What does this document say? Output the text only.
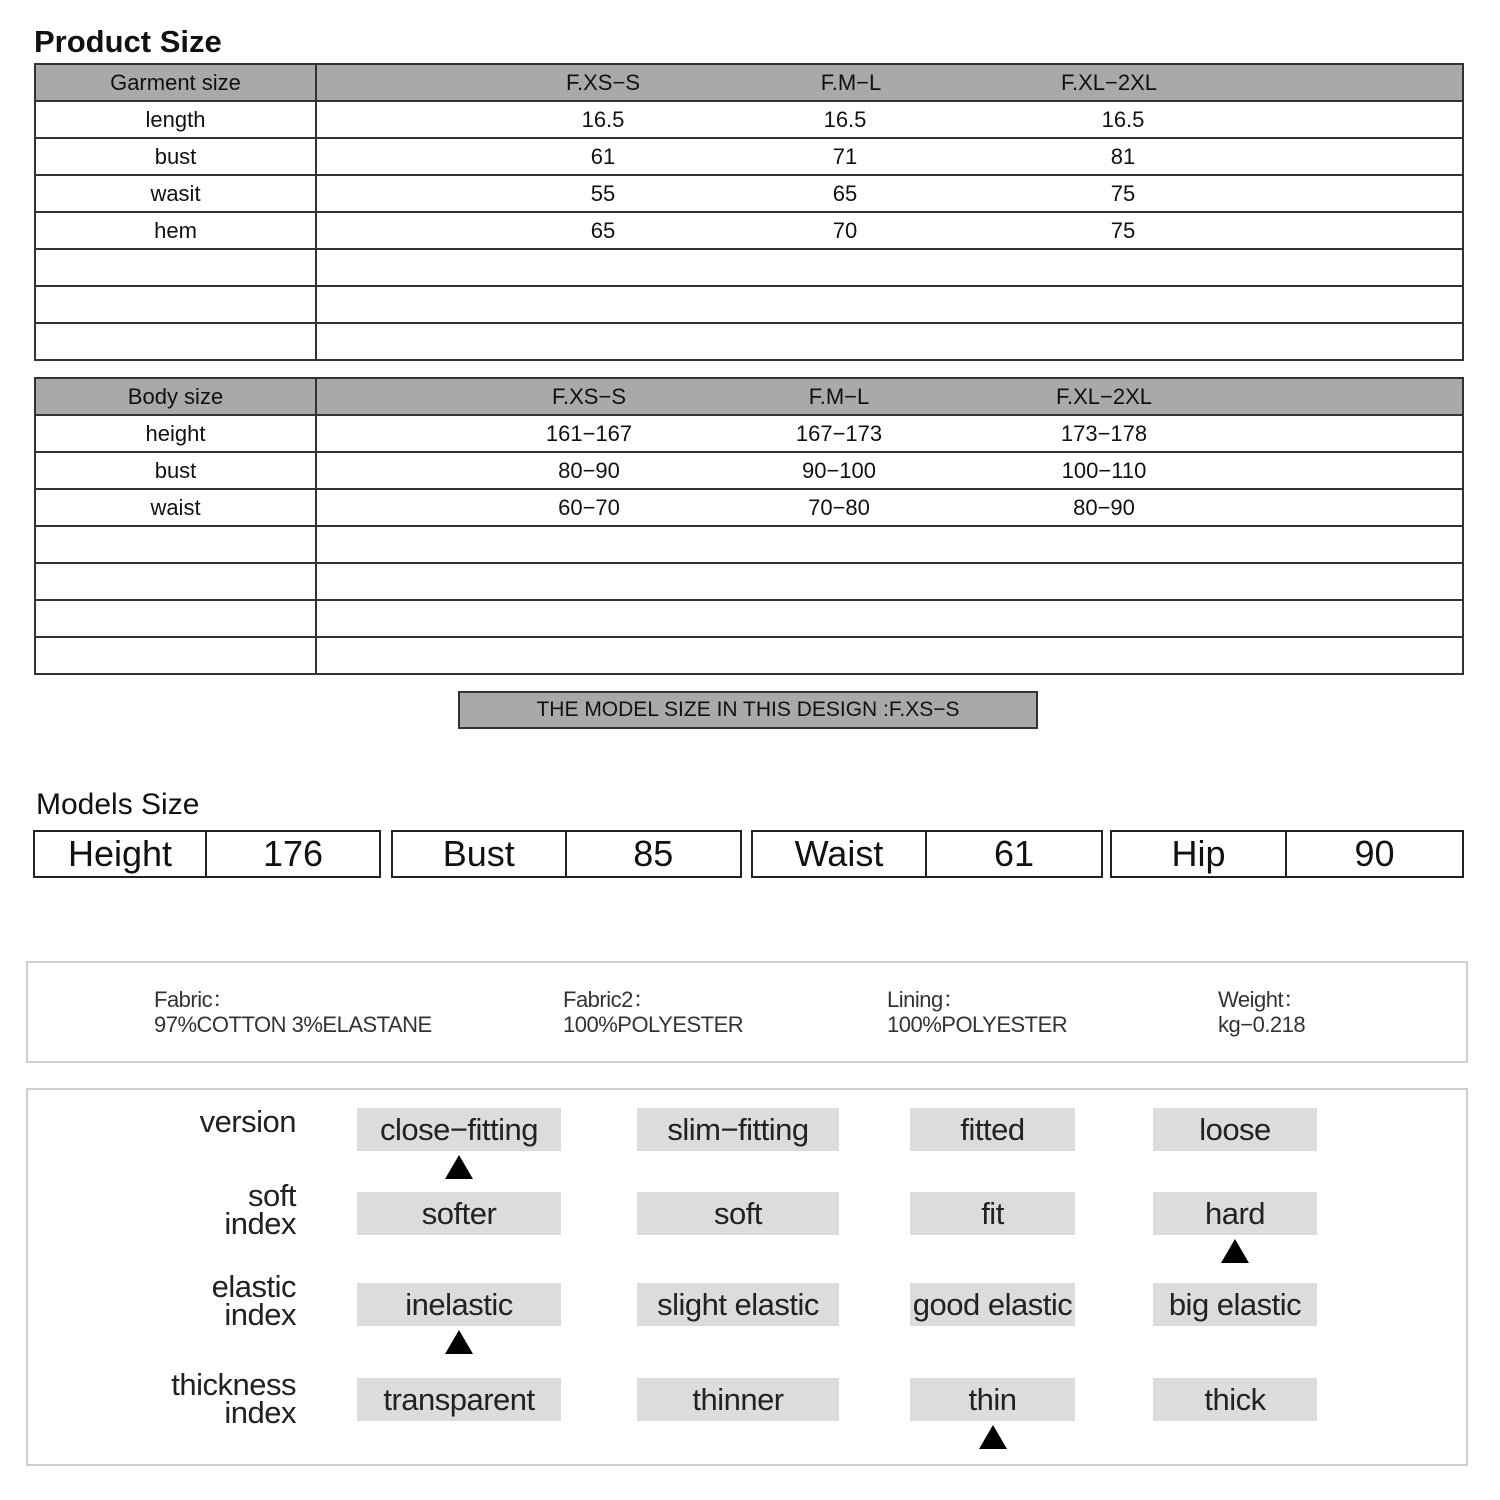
Product Size
Garment size	F.XS−S F.M−L F.XL−2XL

length	16.5 16.5 16.5

bust	61 71 81

wasit	55 65 75

hem	65 70 75

Body size	F.XS−S F.M−L F.XL−2XL

height	161−167 167−173 173−178

bust	80−90 90−100 100−110

waist	60−70 70−80 80−90

THE MODEL SIZE IN THIS DESIGN :F.XS−S
Models Size
Height	176	Bust	85	Waist	61	Hip	90
Fabric：
97%COTTON 3%ELASTANE
Fabric2：
100%POLYESTER
Lining：
100%POLYESTER
Weight：
kg−0.218
version	close−fitting	slim−fitting	fitted	loose
soft
index	softer	soft	fit	hard
elastic
index	inelastic	slight elastic	good elastic	big elastic
thickness
index	transparent	thinner	thin	thick
